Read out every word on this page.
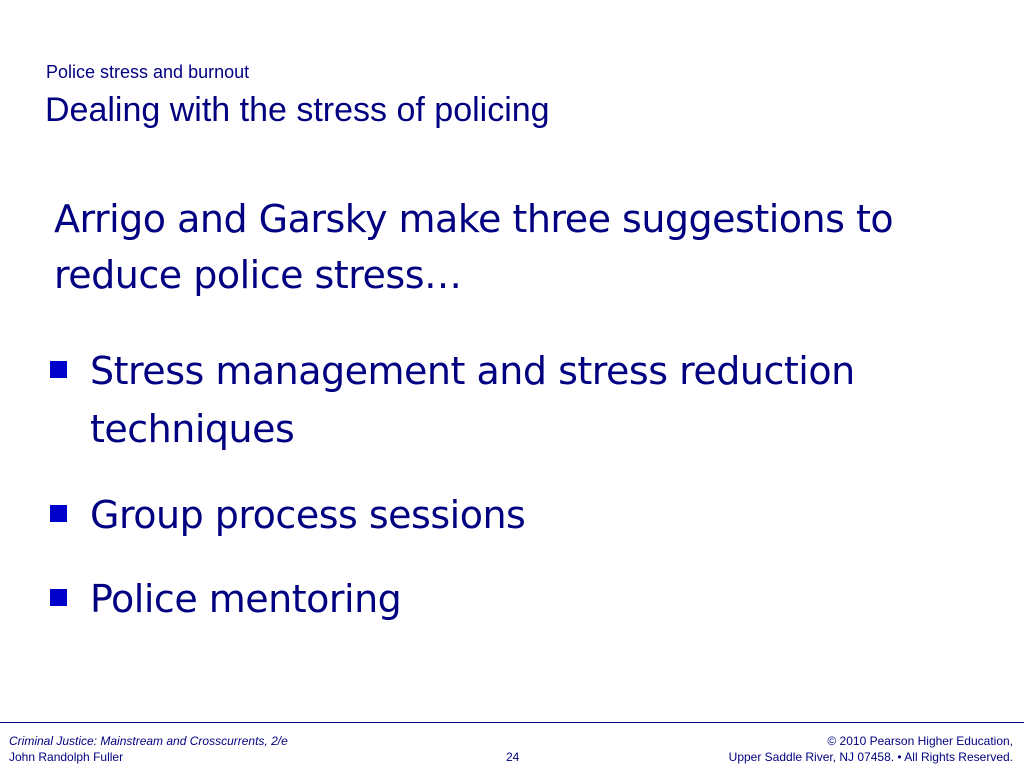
Police stress and burnout
Dealing with the stress of policing
Arrigo and Garsky make three suggestions to reduce police stress…
Stress management and stress reduction techniques
Group process sessions
Police mentoring
Criminal Justice: Mainstream and Crosscurrents, 2/e
John Randolph Fuller	24
© 2010 Pearson Higher Education,
Upper Saddle River, NJ 07458. • All Rights Reserved.
